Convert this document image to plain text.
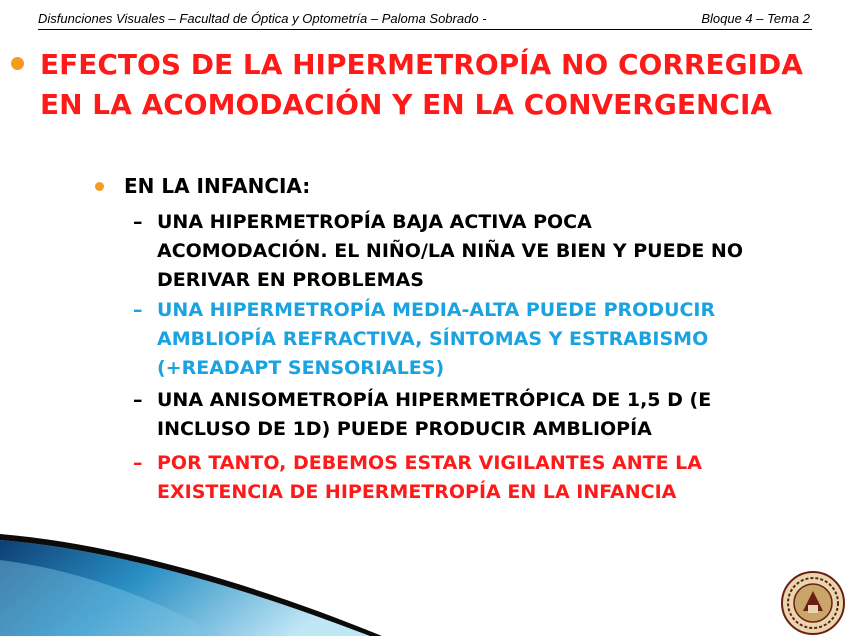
Disfunciones Visuales – Facultad de Óptica y Optometría – Paloma Sobrado -	Bloque 4 – Tema 2
EFECTOS DE LA HIPERMETROPÍA NO CORREGIDA EN LA ACOMODACIÓN Y EN LA CONVERGENCIA
EN LA INFANCIA:
– UNA HIPERMETROPÍA BAJA ACTIVA POCA
ACOMODACIÓN. EL NIÑO/LA NIÑA VE BIEN Y PUEDE NO
DERIVAR EN PROBLEMAS
– UNA HIPERMETROPÍA MEDIA-ALTA PUEDE PRODUCIR
AMBLIOPÍA REFRACTIVA, SÍNTOMAS Y ESTRABISMO
(+READAPT SENSORIALES)
– UNA ANISOMETROPÍA HIPERMETRÓPICA DE 1,5 D (E
INCLUSO DE 1D) PUEDE PRODUCIR AMBLIOPÍA
– POR TANTO, DEBEMOS ESTAR VIGILANTES ANTE LA
EXISTENCIA DE HIPERMETROPÍA EN LA INFANCIA
